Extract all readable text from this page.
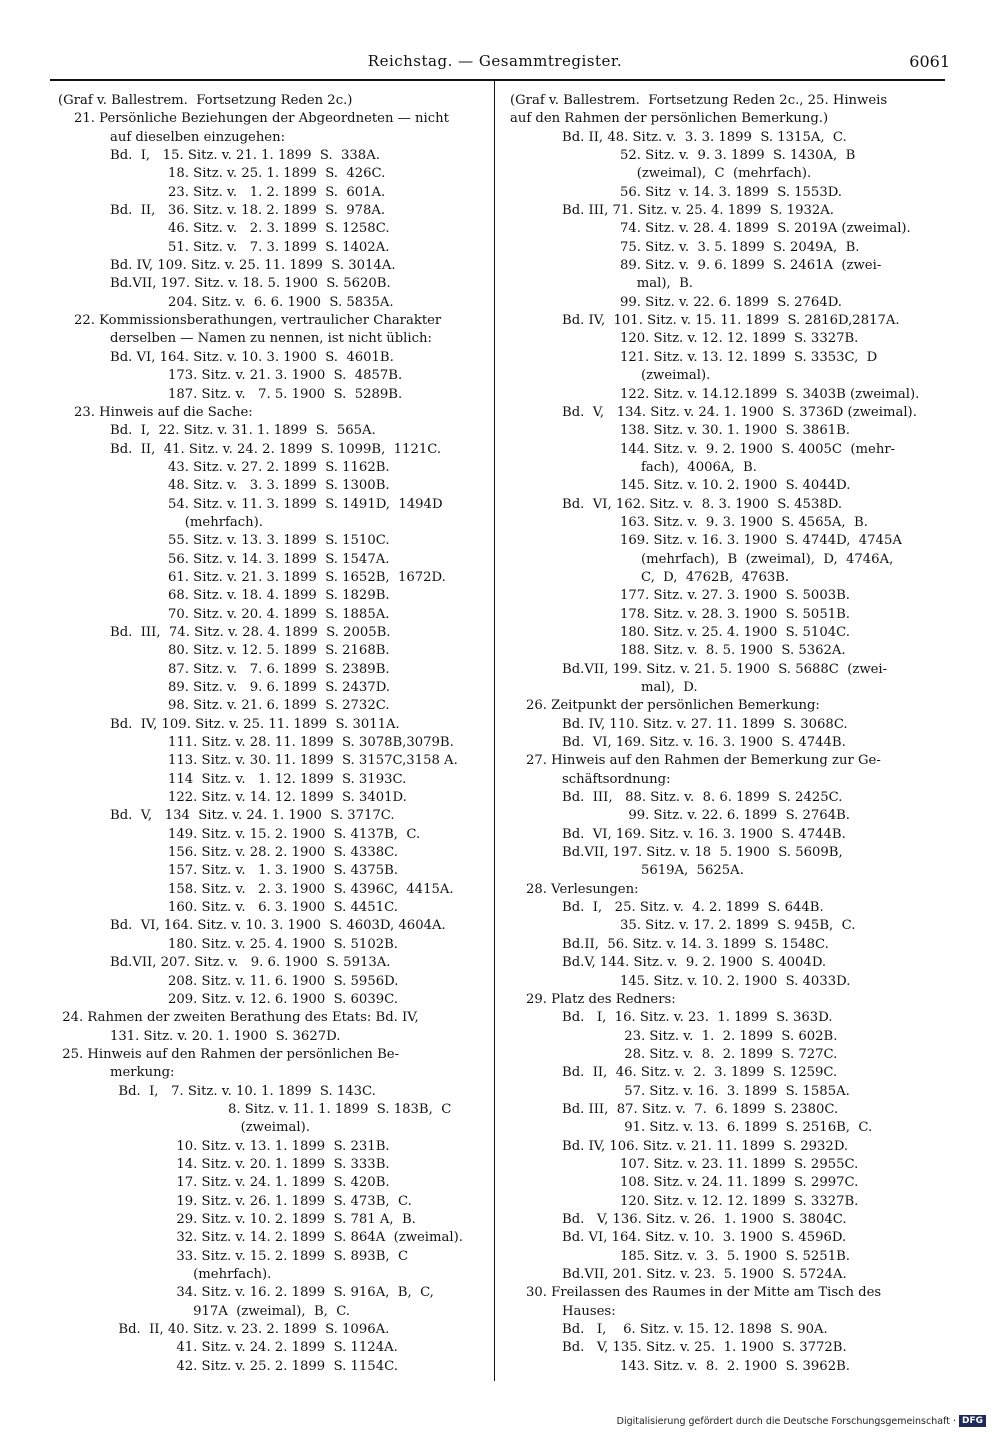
Reichstag. — Gesammtregister.	6061
(Graf v. Ballestrem.  Fortsetzung Reden 2c.)
21. Persönliche Beziehungen der Abgeordneten — nicht
auf dieselben einzugehen:
Bd.  I,   15. Sitz. v. 21. 1. 1899  S.  338A.
18. Sitz. v. 25. 1. 1899  S.  426C.
23. Sitz. v.   1. 2. 1899  S.  601A.
Bd.  II,   36. Sitz. v. 18. 2. 1899  S.  978A.
46. Sitz. v.   2. 3. 1899  S. 1258C.
51. Sitz. v.   7. 3. 1899  S. 1402A.
Bd. IV, 109. Sitz. v. 25. 11. 1899  S. 3014A.
Bd.VII, 197. Sitz. v. 18. 5. 1900  S. 5620B.
204. Sitz. v.  6. 6. 1900  S. 5835A.
22. Kommissionsberathungen, vertraulicher Charakter
derselben — Namen zu nennen, ist nicht üblich:
Bd. VI, 164. Sitz. v. 10. 3. 1900  S.  4601B.
173. Sitz. v. 21. 3. 1900  S.  4857B.
187. Sitz. v.   7. 5. 1900  S.  5289B.
23. Hinweis auf die Sache:
Bd.  I,  22. Sitz. v. 31. 1. 1899  S.  565A.
Bd.  II,  41. Sitz. v. 24. 2. 1899  S. 1099B,  1121C.
43. Sitz. v. 27. 2. 1899  S. 1162B.
48. Sitz. v.   3. 3. 1899  S. 1300B.
54. Sitz. v. 11. 3. 1899  S. 1491D,  1494D
(mehrfach).
55. Sitz. v. 13. 3. 1899  S. 1510C.
56. Sitz. v. 14. 3. 1899  S. 1547A.
61. Sitz. v. 21. 3. 1899  S. 1652B,  1672D.
68. Sitz. v. 18. 4. 1899  S. 1829B.
70. Sitz. v. 20. 4. 1899  S. 1885A.
Bd.  III,  74. Sitz. v. 28. 4. 1899  S. 2005B.
80. Sitz. v. 12. 5. 1899  S. 2168B.
87. Sitz. v.   7. 6. 1899  S. 2389B.
89. Sitz. v.   9. 6. 1899  S. 2437D.
98. Sitz. v. 21. 6. 1899  S. 2732C.
Bd.  IV, 109. Sitz. v. 25. 11. 1899  S. 3011A.
111. Sitz. v. 28. 11. 1899  S. 3078B,3079B.
113. Sitz. v. 30. 11. 1899  S. 3157C,3158 A.
114  Sitz. v.   1. 12. 1899  S. 3193C.
122. Sitz. v. 14. 12. 1899  S. 3401D.
Bd.  V,   134  Sitz. v. 24. 1. 1900  S. 3717C.
149. Sitz. v. 15. 2. 1900  S. 4137B,  C.
156. Sitz. v. 28. 2. 1900  S. 4338C.
157. Sitz. v.   1. 3. 1900  S. 4375B.
158. Sitz. v.   2. 3. 1900  S. 4396C,  4415A.
160. Sitz. v.   6. 3. 1900  S. 4451C.
Bd.  VI, 164. Sitz. v. 10. 3. 1900  S. 4603D, 4604A.
180. Sitz. v. 25. 4. 1900  S. 5102B.
Bd.VII, 207. Sitz. v.   9. 6. 1900  S. 5913A.
208. Sitz. v. 11. 6. 1900  S. 5956D.
209. Sitz. v. 12. 6. 1900  S. 6039C.
24. Rahmen der zweiten Berathung des Etats: Bd. IV,
131. Sitz. v. 20. 1. 1900  S. 3627D.
25. Hinweis auf den Rahmen der persönlichen Be-
merkung:
Bd.  I,   7. Sitz. v. 10. 1. 1899  S. 143C.
8. Sitz. v. 11. 1. 1899  S. 183B,  C
(zweimal).
10. Sitz. v. 13. 1. 1899  S. 231B.
14. Sitz. v. 20. 1. 1899  S. 333B.
17. Sitz. v. 24. 1. 1899  S. 420B.
19. Sitz. v. 26. 1. 1899  S. 473B,  C.
29. Sitz. v. 10. 2. 1899  S. 781 A,  B.
32. Sitz. v. 14. 2. 1899  S. 864A  (zweimal).
33. Sitz. v. 15. 2. 1899  S. 893B,  C
(mehrfach).
34. Sitz. v. 16. 2. 1899  S. 916A,  B,  C,
917A  (zweimal),  B,  C.
Bd.  II, 40. Sitz. v. 23. 2. 1899  S. 1096A.
41. Sitz. v. 24. 2. 1899  S. 1124A.
42. Sitz. v. 25. 2. 1899  S. 1154C.
(Graf v. Ballestrem.  Fortsetzung Reden 2c., 25. Hinweis
auf den Rahmen der persönlichen Bemerkung.)
Bd. II, 48. Sitz. v.  3. 3. 1899  S. 1315A,  C.
52. Sitz. v.  9. 3. 1899  S. 1430A,  B
(zweimal),  C  (mehrfach).
56. Sitz  v. 14. 3. 1899  S. 1553D.
Bd. III, 71. Sitz. v. 25. 4. 1899  S. 1932A.
74. Sitz. v. 28. 4. 1899  S. 2019A (zweimal).
75. Sitz. v.  3. 5. 1899  S. 2049A,  B.
89. Sitz. v.  9. 6. 1899  S. 2461A  (zwei-
mal),  B.
99. Sitz. v. 22. 6. 1899  S. 2764D.
Bd. IV,  101. Sitz. v. 15. 11. 1899  S. 2816D,2817A.
120. Sitz. v. 12. 12. 1899  S. 3327B.
121. Sitz. v. 13. 12. 1899  S. 3353C,  D
(zweimal).
122. Sitz. v. 14.12.1899  S. 3403B (zweimal).
Bd.  V,   134. Sitz. v. 24. 1. 1900  S. 3736D (zweimal).
138. Sitz. v. 30. 1. 1900  S. 3861B.
144. Sitz. v.  9. 2. 1900  S. 4005C  (mehr-
fach),  4006A,  B.
145. Sitz. v. 10. 2. 1900  S. 4044D.
Bd.  VI, 162. Sitz. v.  8. 3. 1900  S. 4538D.
163. Sitz. v.  9. 3. 1900  S. 4565A,  B.
169. Sitz. v. 16. 3. 1900  S. 4744D,  4745A
(mehrfach),  B  (zweimal),  D,  4746A,
C,  D,  4762B,  4763B.
177. Sitz. v. 27. 3. 1900  S. 5003B.
178. Sitz. v. 28. 3. 1900  S. 5051B.
180. Sitz. v. 25. 4. 1900  S. 5104C.
188. Sitz. v.  8. 5. 1900  S. 5362A.
Bd.VII, 199. Sitz. v. 21. 5. 1900  S. 5688C  (zwei-
mal),  D.
26. Zeitpunkt der persönlichen Bemerkung:
Bd. IV, 110. Sitz. v. 27. 11. 1899  S. 3068C.
Bd.  VI, 169. Sitz. v. 16. 3. 1900  S. 4744B.
27. Hinweis auf den Rahmen der Bemerkung zur Ge-
schäftsordnung:
Bd.  III,   88. Sitz. v.  8. 6. 1899  S. 2425C.
99. Sitz. v. 22. 6. 1899  S. 2764B.
Bd.  VI, 169. Sitz. v. 16. 3. 1900  S. 4744B.
Bd.VII, 197. Sitz. v. 18  5. 1900  S. 5609B,
5619A,  5625A.
28. Verlesungen:
Bd.  I,   25. Sitz. v.  4. 2. 1899  S. 644B.
35. Sitz. v. 17. 2. 1899  S. 945B,  C.
Bd.II,  56. Sitz. v. 14. 3. 1899  S. 1548C.
Bd.V, 144. Sitz. v.  9. 2. 1900  S. 4004D.
145. Sitz. v. 10. 2. 1900  S. 4033D.
29. Platz des Redners:
Bd.   I,  16. Sitz. v. 23.  1. 1899  S. 363D.
23. Sitz. v.  1.  2. 1899  S. 602B.
28. Sitz. v.  8.  2. 1899  S. 727C.
Bd.  II,  46. Sitz. v.  2.  3. 1899  S. 1259C.
57. Sitz. v. 16.  3. 1899  S. 1585A.
Bd. III,  87. Sitz. v.  7.  6. 1899  S. 2380C.
91. Sitz. v. 13.  6. 1899  S. 2516B,  C.
Bd. IV, 106. Sitz. v. 21. 11. 1899  S. 2932D.
107. Sitz. v. 23. 11. 1899  S. 2955C.
108. Sitz. v. 24. 11. 1899  S. 2997C.
120. Sitz. v. 12. 12. 1899  S. 3327B.
Bd.   V, 136. Sitz. v. 26.  1. 1900  S. 3804C.
Bd. VI, 164. Sitz. v. 10.  3. 1900  S. 4596D.
185. Sitz. v.  3.  5. 1900  S. 5251B.
Bd.VII, 201. Sitz. v. 23.  5. 1900  S. 5724A.
30. Freilassen des Raumes in der Mitte am Tisch des
Hauses:
Bd.   I,    6. Sitz. v. 15. 12. 1898  S. 90A.
Bd.   V, 135. Sitz. v. 25.  1. 1900  S. 3772B.
143. Sitz. v.  8.  2. 1900  S. 3962B.
Digitalisierung gefördert durch die Deutsche Forschungsgemeinschaft · DFG
